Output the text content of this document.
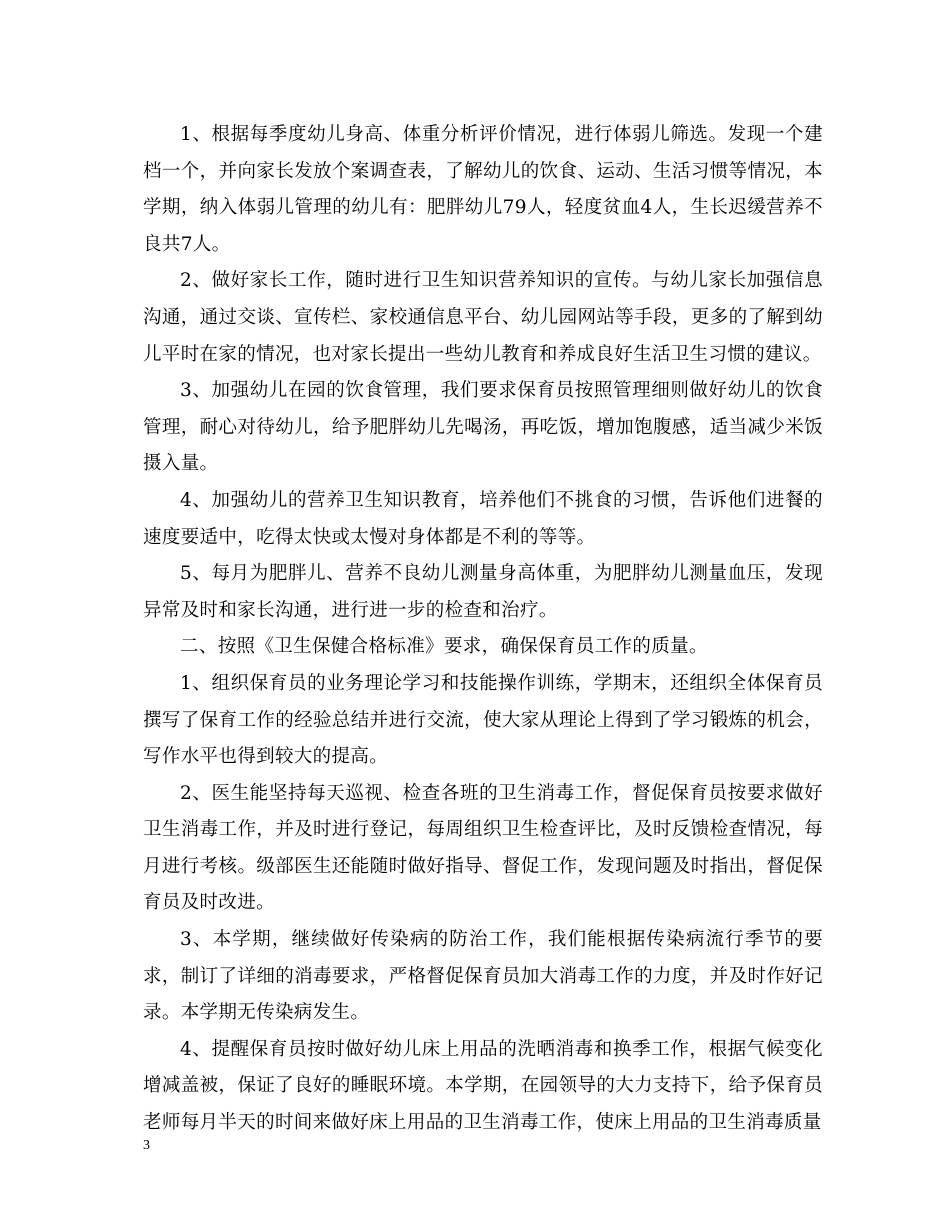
1、根据每季度幼儿身高、体重分析评价情况，进行体弱儿筛选。发现一个建档一个，并向家长发放个案调查表，了解幼儿的饮食、运动、生活习惯等情况，本学期，纳入体弱儿管理的幼儿有：肥胖幼儿79人，轻度贫血4人，生长迟缓营养不良共7人。

2、做好家长工作，随时进行卫生知识营养知识的宣传。与幼儿家长加强信息沟通，通过交谈、宣传栏、家校通信息平台、幼儿园网站等手段，更多的了解到幼儿平时在家的情况，也对家长提出一些幼儿教育和养成良好生活卫生习惯的建议。

3、加强幼儿在园的饮食管理，我们要求保育员按照管理细则做好幼儿的饮食管理，耐心对待幼儿，给予肥胖幼儿先喝汤，再吃饭，增加饱腹感，适当减少米饭摄入量。

4、加强幼儿的营养卫生知识教育，培养他们不挑食的习惯，告诉他们进餐的速度要适中，吃得太快或太慢对身体都是不利的等等。

5、每月为肥胖儿、营养不良幼儿测量身高体重，为肥胖幼儿测量血压，发现异常及时和家长沟通，进行进一步的检查和治疗。

二、按照《卫生保健合格标准》要求，确保保育员工作的质量。

1、组织保育员的业务理论学习和技能操作训练，学期末，还组织全体保育员撰写了保育工作的经验总结并进行交流，使大家从理论上得到了学习锻炼的机会，写作水平也得到较大的提高。

2、医生能坚持每天巡视、检查各班的卫生消毒工作，督促保育员按要求做好卫生消毒工作，并及时进行登记，每周组织卫生检查评比，及时反馈检查情况，每月进行考核。级部医生还能随时做好指导、督促工作，发现问题及时指出，督促保育员及时改进。

3、本学期，继续做好传染病的防治工作，我们能根据传染病流行季节的要求，制订了详细的消毒要求，严格督促保育员加大消毒工作的力度，并及时作好记录。本学期无传染病发生。

4、提醒保育员按时做好幼儿床上用品的洗晒消毒和换季工作，根据气候变化增减盖被，保证了良好的睡眠环境。本学期，在园领导的大力支持下，给予保育员老师每月半天的时间来做好床上用品的卫生消毒工作，使床上用品的卫生消毒质量

3
